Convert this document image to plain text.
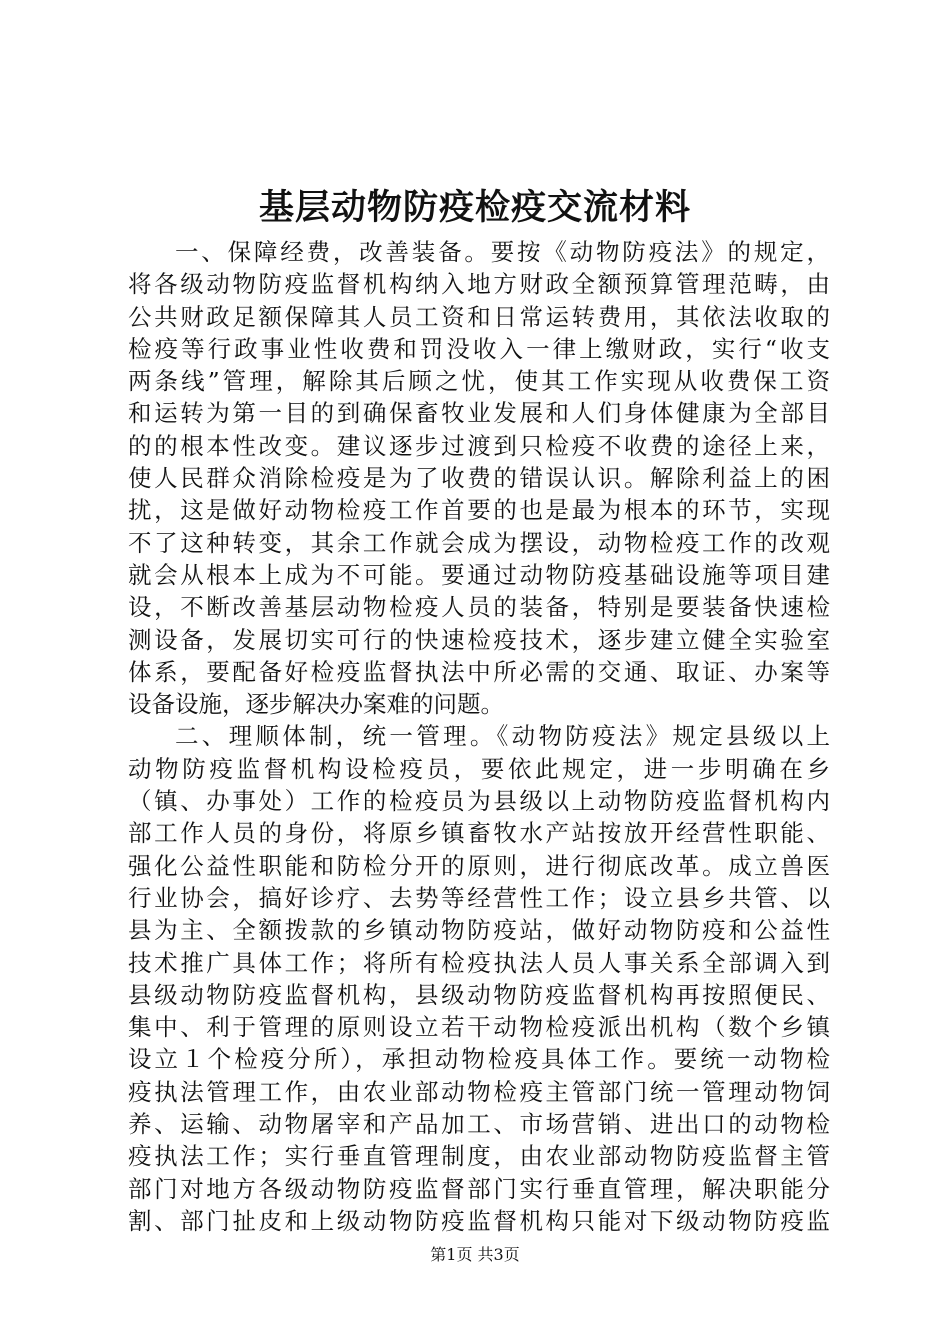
基层动物防疫检疫交流材料
一、保障经费，改善装备。要按《动物防疫法》的规定，
将各级动物防疫监督机构纳入地方财政全额预算管理范畴，由
公共财政足额保障其人员工资和日常运转费用，其依法收取的
检疫等行政事业性收费和罚没收入一律上缴财政，实行“收支
两条线”管理，解除其后顾之忧，使其工作实现从收费保工资
和运转为第一目的到确保畜牧业发展和人们身体健康为全部目
的的根本性改变。建议逐步过渡到只检疫不收费的途径上来，
使人民群众消除检疫是为了收费的错误认识。解除利益上的困
扰，这是做好动物检疫工作首要的也是最为根本的环节，实现
不了这种转变，其余工作就会成为摆设，动物检疫工作的改观
就会从根本上成为不可能。要通过动物防疫基础设施等项目建
设，不断改善基层动物检疫人员的装备，特别是要装备快速检
测设备，发展切实可行的快速检疫技术，逐步建立健全实验室
体系，要配备好检疫监督执法中所必需的交通、取证、办案等
设备设施，逐步解决办案难的问题。
二、理顺体制，统一管理。《动物防疫法》规定县级以上
动物防疫监督机构设检疫员，要依此规定，进一步明确在乡
（镇、办事处）工作的检疫员为县级以上动物防疫监督机构内
部工作人员的身份，将原乡镇畜牧水产站按放开经营性职能、
强化公益性职能和防检分开的原则，进行彻底改革。成立兽医
行业协会，搞好诊疗、去势等经营性工作；设立县乡共管、以
县为主、全额拨款的乡镇动物防疫站，做好动物防疫和公益性
技术推广具体工作；将所有检疫执法人员人事关系全部调入到
县级动物防疫监督机构，县级动物防疫监督机构再按照便民、
集中、利于管理的原则设立若干动物检疫派出机构（数个乡镇
设立１个检疫分所），承担动物检疫具体工作。要统一动物检
疫执法管理工作，由农业部动物检疫主管部门统一管理动物饲
养、运输、动物屠宰和产品加工、市场营销、进出口的动物检
疫执法工作；实行垂直管理制度，由农业部动物防疫监督主管
部门对地方各级动物防疫监督部门实行垂直管理，解决职能分
割、部门扯皮和上级动物防疫监督机构只能对下级动物防疫监
第1页 共3页
